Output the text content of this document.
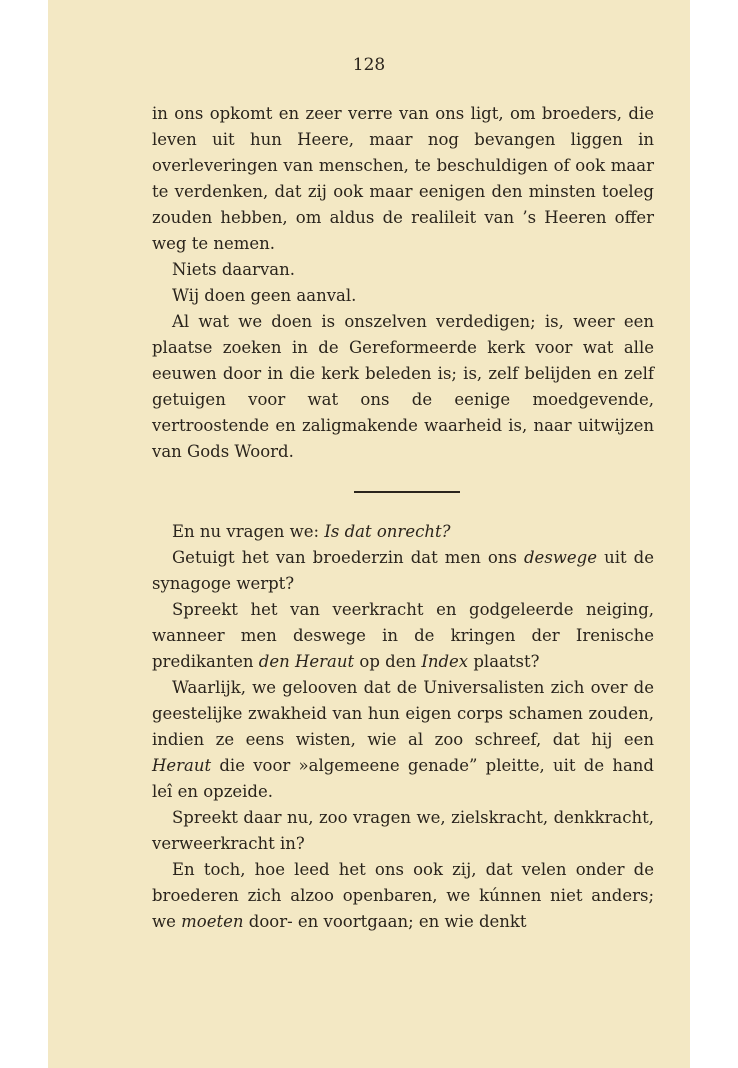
128

in ons opkomt en zeer verre van ons ligt, om broeders, die leven uit hun Heere, maar nog bevangen liggen in overleveringen van menschen, te beschuldigen of ook maar te verdenken, dat zij ook maar eenigen den minsten toeleg zouden hebben, om aldus de realileit van ’s Heeren offer weg te nemen.

Niets daarvan.

Wij doen geen aanval.

Al wat we doen is onszelven verdedigen; is, weer een plaatse zoeken in de Gereformeerde kerk voor wat alle eeuwen door in die kerk beleden is; is, zelf belijden en zelf getuigen voor wat ons de eenige moedgevende, vertroostende en zaligmakende waarheid is, naar uitwijzen van Gods Woord.

En nu vragen we: Is dat onrecht?

Getuigt het van broederzin dat men ons deswege uit de synagoge werpt?

Spreekt het van veerkracht en godgeleerde neiging, wanneer men deswege in de kringen der Irenische predikanten den Heraut op den Index plaatst?

Waarlijk, we gelooven dat de Universalisten zich over de geestelijke zwakheid van hun eigen corps schamen zouden, indien ze eens wisten, wie al zoo schreef, dat hij een Heraut die voor »algemeene genade” pleitte, uit de hand leî en opzeide.

Spreekt daar nu, zoo vragen we, zielskracht, denkkracht, verweerkracht in?

En toch, hoe leed het ons ook zij, dat velen onder de broederen zich alzoo openbaren, we kúnnen niet anders; we moeten door- en voortgaan; en wie denkt
